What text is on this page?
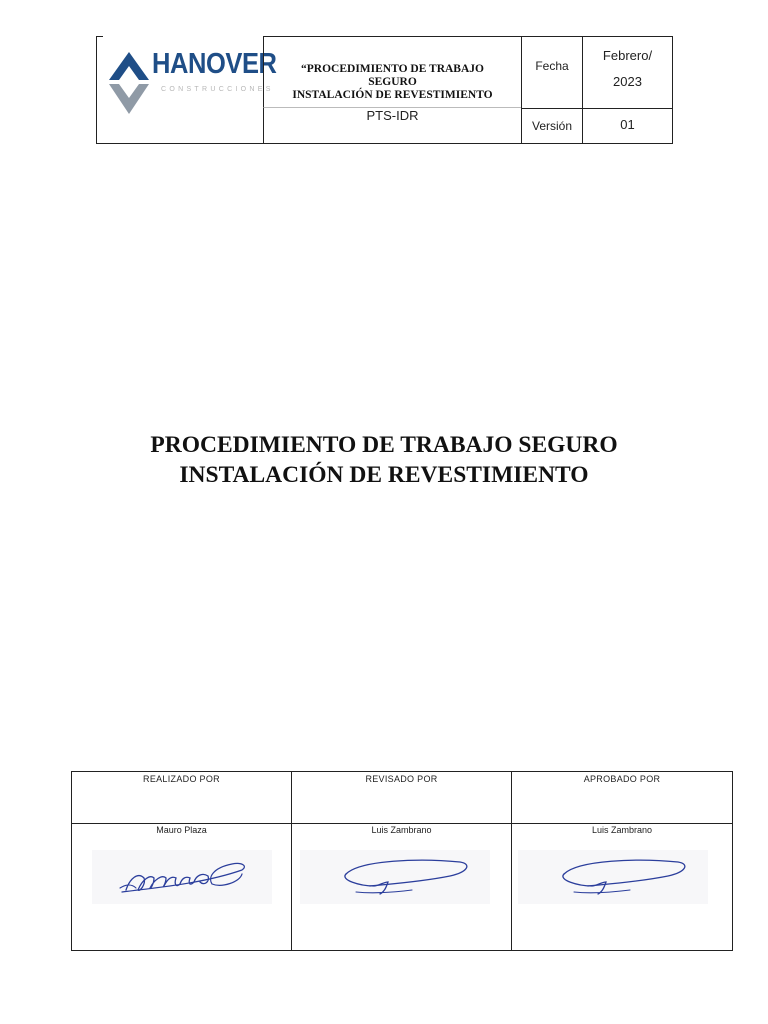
HANOVER
CONSTRUCCIONES
“PROCEDIMIENTO DE TRABAJO
SEGURO
INSTALACIÓN DE REVESTIMIENTO
PTS-IDR
Fecha
Febrero/
2023
Versión	01
PROCEDIMIENTO DE TRABAJO SEGURO
INSTALACIÓN DE REVESTIMIENTO
REALIZADO POR
Mauro Plaza
REVISADO POR
Luis Zambrano
APROBADO POR
Luis Zambrano
